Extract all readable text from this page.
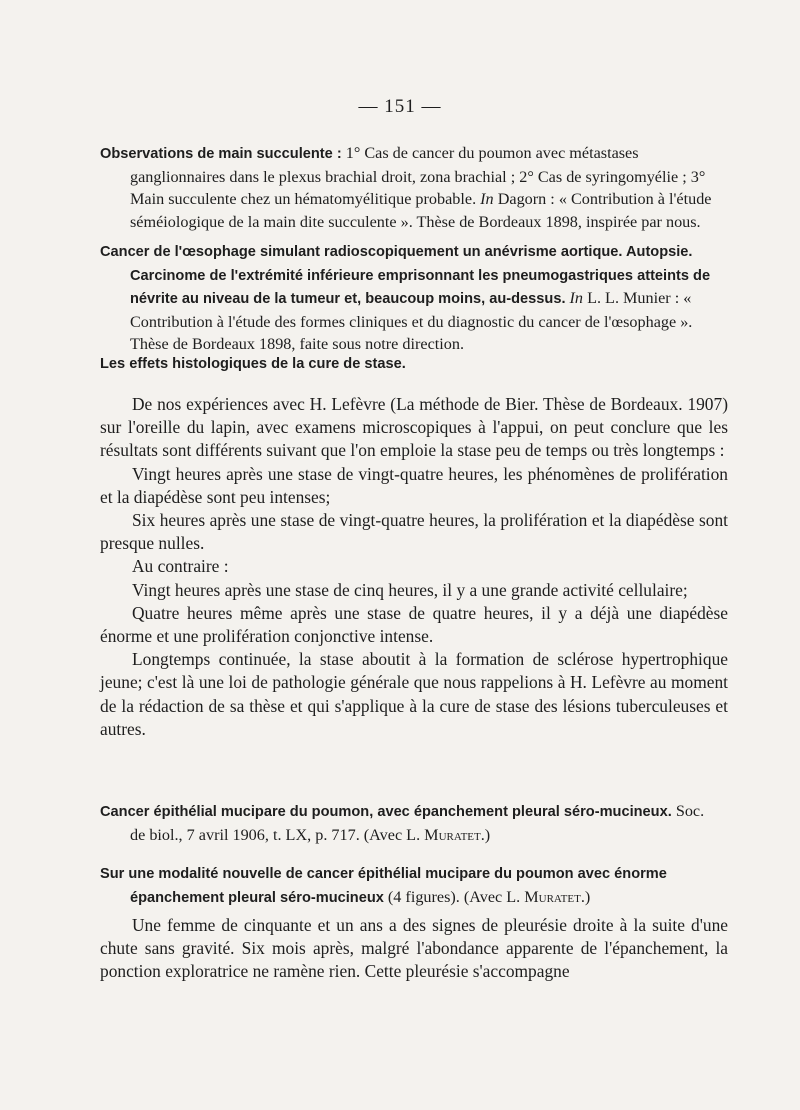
— 151 —

Observations de main succulente : 1° Cas de cancer du poumon avec métastases ganglionnaires dans le plexus brachial droit, zona brachial ; 2° Cas de syringomyélie ; 3° Main succulente chez un hématomyélitique probable. In Dagorn : « Contribution à l'étude séméiologique de la main dite succulente ». Thèse de Bordeaux 1898, inspirée par nous.

Cancer de l'œsophage simulant radioscopiquement un anévrisme aortique. Autopsie. Carcinome de l'extrémité inférieure emprisonnant les pneumogastriques atteints de névrite au niveau de la tumeur et, beaucoup moins, au-dessus. In L. L. Munier : « Contribution à l'étude des formes cliniques et du diagnostic du cancer de l'œsophage ». Thèse de Bordeaux 1898, faite sous notre direction.

Les effets histologiques de la cure de stase.

De nos expériences avec H. Lefèvre (La méthode de Bier. Thèse de Bordeaux. 1907) sur l'oreille du lapin, avec examens microscopiques à l'appui, on peut conclure que les résultats sont différents suivant que l'on emploie la stase peu de temps ou très longtemps :

Vingt heures après une stase de vingt-quatre heures, les phénomènes de prolifération et la diapédèse sont peu intenses;

Six heures après une stase de vingt-quatre heures, la prolifération et la diapédèse sont presque nulles.

Au contraire :

Vingt heures après une stase de cinq heures, il y a une grande activité cellulaire;

Quatre heures même après une stase de quatre heures, il y a déjà une diapédèse énorme et une prolifération conjonctive intense.

Longtemps continuée, la stase aboutit à la formation de sclérose hypertrophique jeune; c'est là une loi de pathologie générale que nous rappelions à H. Lefèvre au moment de la rédaction de sa thèse et qui s'applique à la cure de stase des lésions tuberculeuses et autres.

Cancer épithélial mucipare du poumon, avec épanchement pleural séro-mucineux. Soc. de biol., 7 avril 1906, t. LX, p. 717. (Avec L. Muratet.)

Sur une modalité nouvelle de cancer épithélial mucipare du poumon avec énorme épanchement pleural séro-mucineux (4 figures). (Avec L. Muratet.)

Une femme de cinquante et un ans a des signes de pleurésie droite à la suite d'une chute sans gravité. Six mois après, malgré l'abondance apparente de l'épanchement, la ponction exploratrice ne ramène rien. Cette pleurésie s'accompagne
